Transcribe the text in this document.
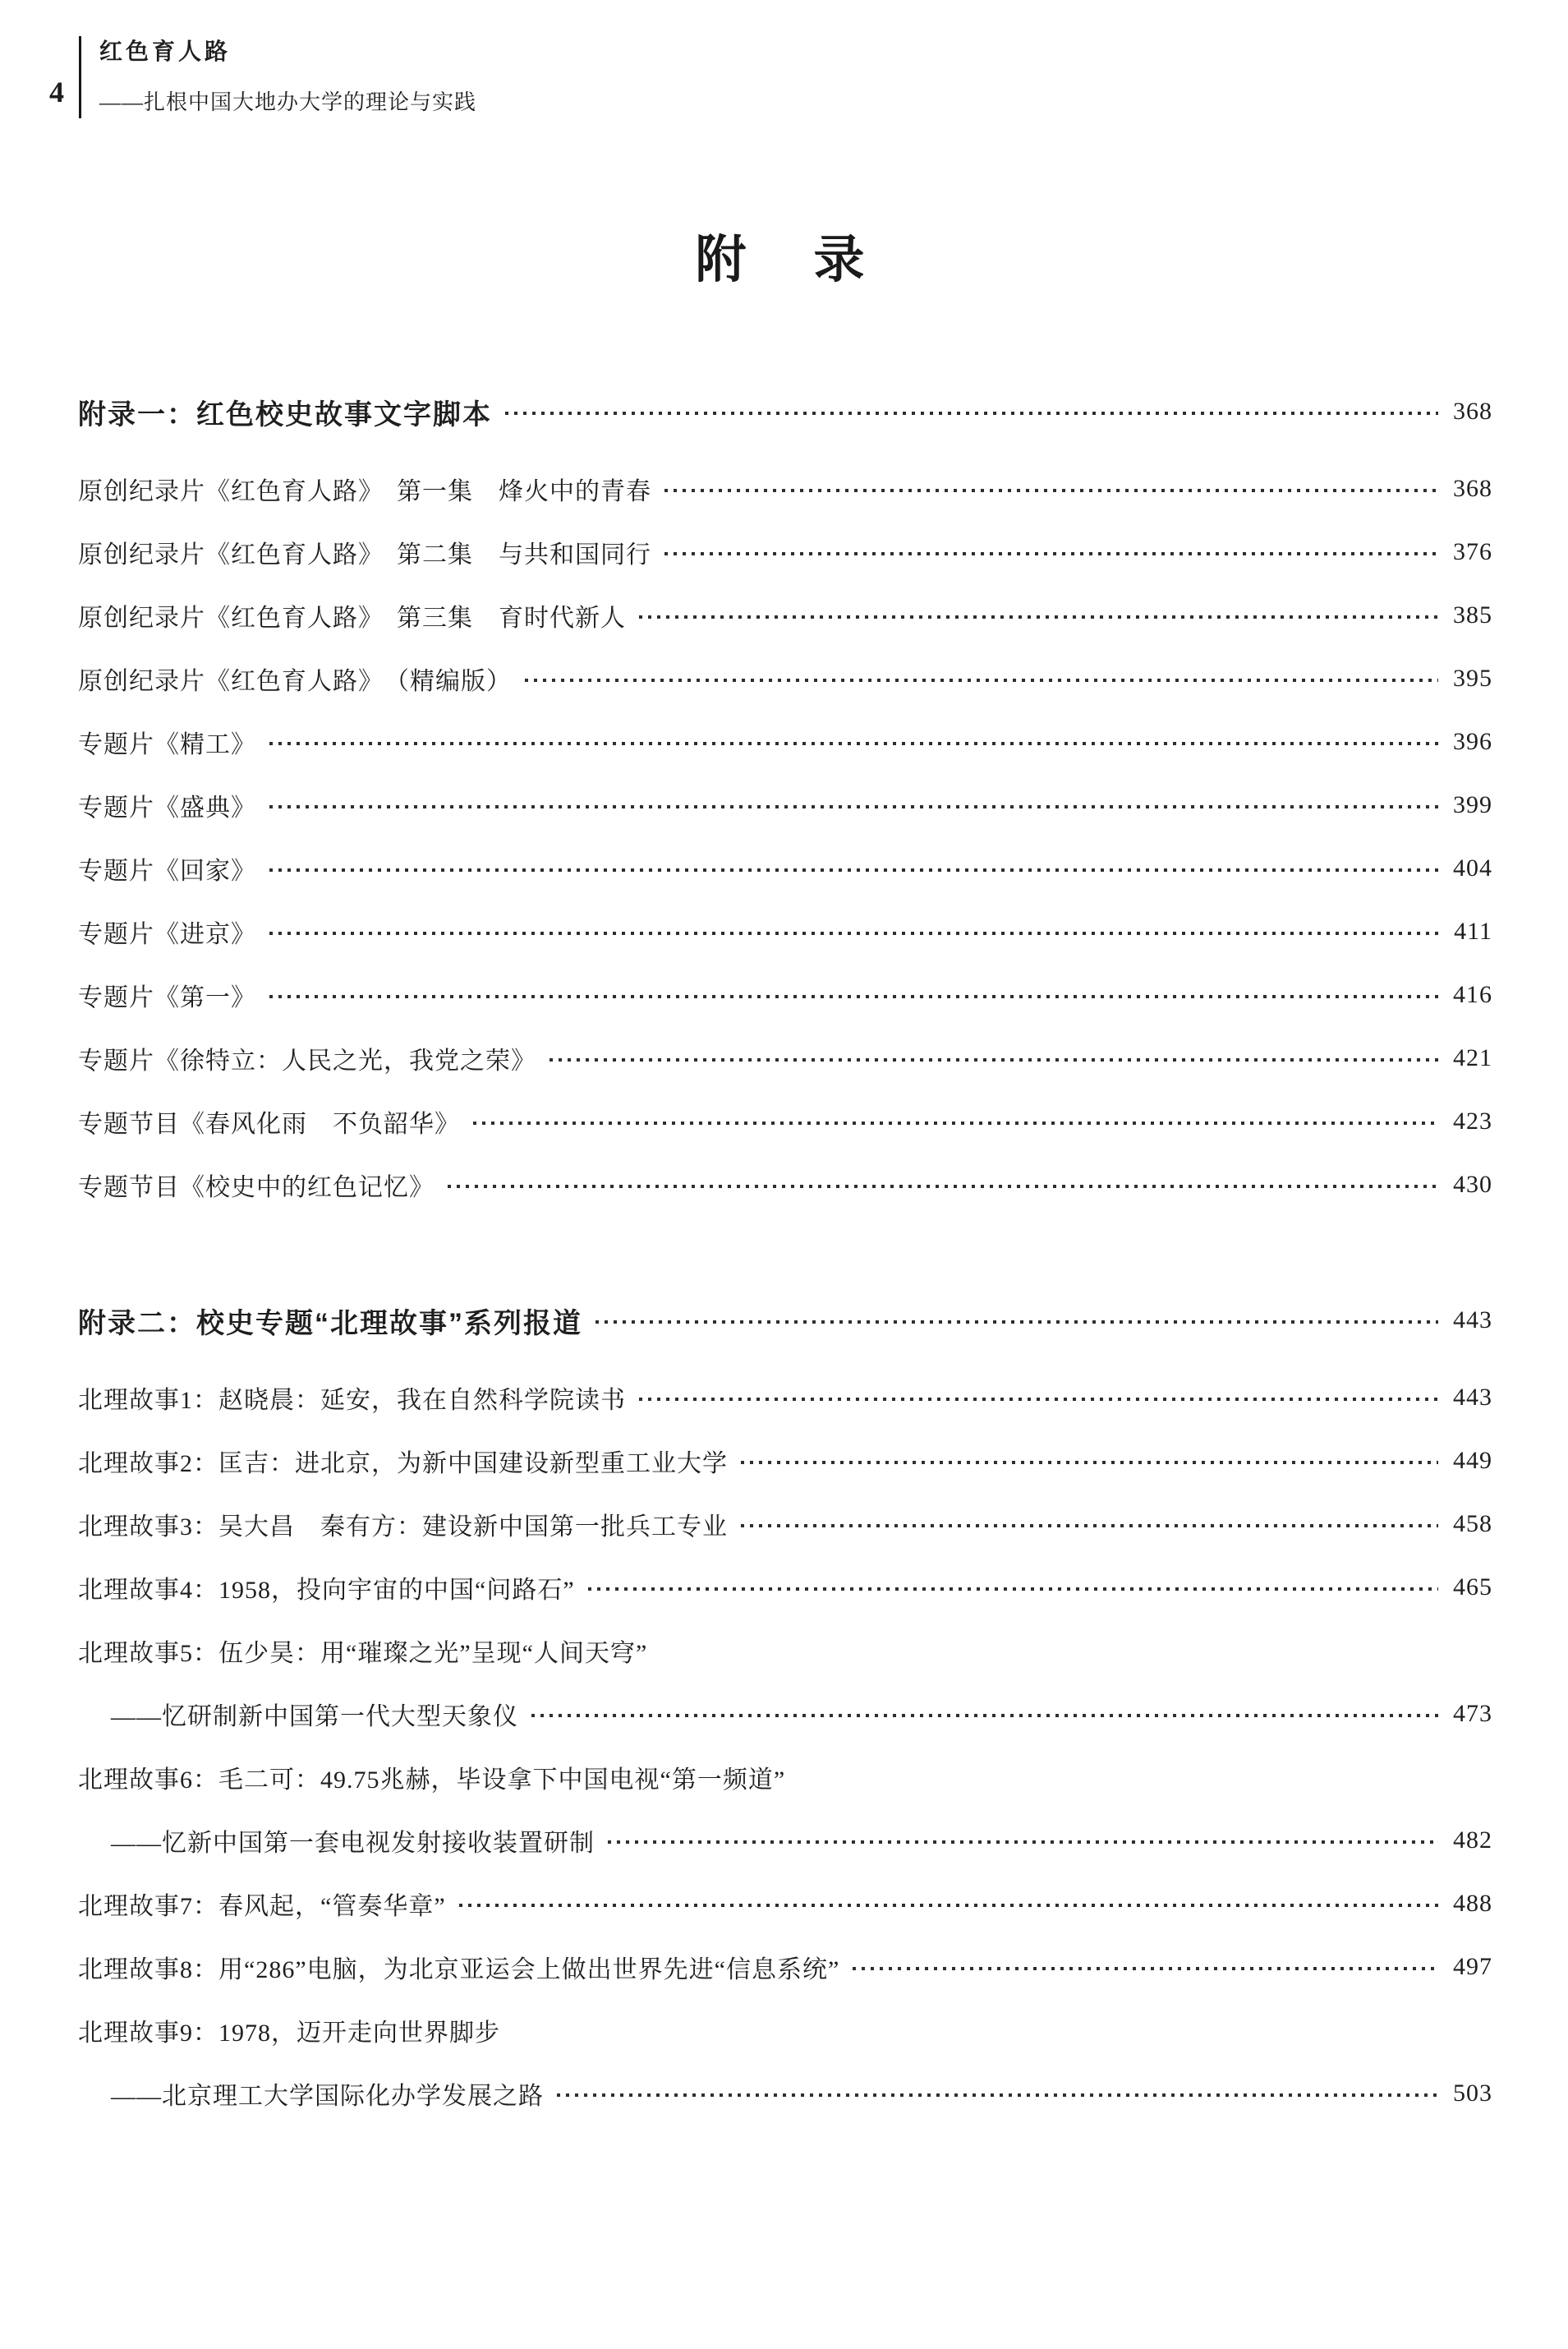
4
红色育人路
——扎根中国大地办大学的理论与实践
附　录
附录一：红色校史故事文字脚本	368
原创纪录片《红色育人路》　第一集　烽火中的青春	368
原创纪录片《红色育人路》　第二集　与共和国同行	376
原创纪录片《红色育人路》　第三集　育时代新人	385
原创纪录片《红色育人路》　（精编版）	395
专题片《精工》	396
专题片《盛典》	399
专题片《回家》	404
专题片《进京》	411
专题片《第一》	416
专题片《徐特立：人民之光，我党之荣》	421
专题节目《春风化雨　不负韶华》	423
专题节目《校史中的红色记忆》	430
附录二：校史专题“北理故事”系列报道	443
北理故事1：赵晓晨：延安，我在自然科学院读书	443
北理故事2：匡吉：进北京，为新中国建设新型重工业大学	449
北理故事3：吴大昌　秦有方：建设新中国第一批兵工专业	458
北理故事4：1958，投向宇宙的中国“问路石”	465
北理故事5：伍少昊：用“璀璨之光”呈现“人间天穹”
——忆研制新中国第一代大型天象仪	473
北理故事6：毛二可：49.75兆赫，毕设拿下中国电视“第一频道”
——忆新中国第一套电视发射接收装置研制	482
北理故事7：春风起，“管奏华章”	488
北理故事8：用“286”电脑，为北京亚运会上做出世界先进“信息系统”	497
北理故事9：1978，迈开走向世界脚步
——北京理工大学国际化办学发展之路	503
